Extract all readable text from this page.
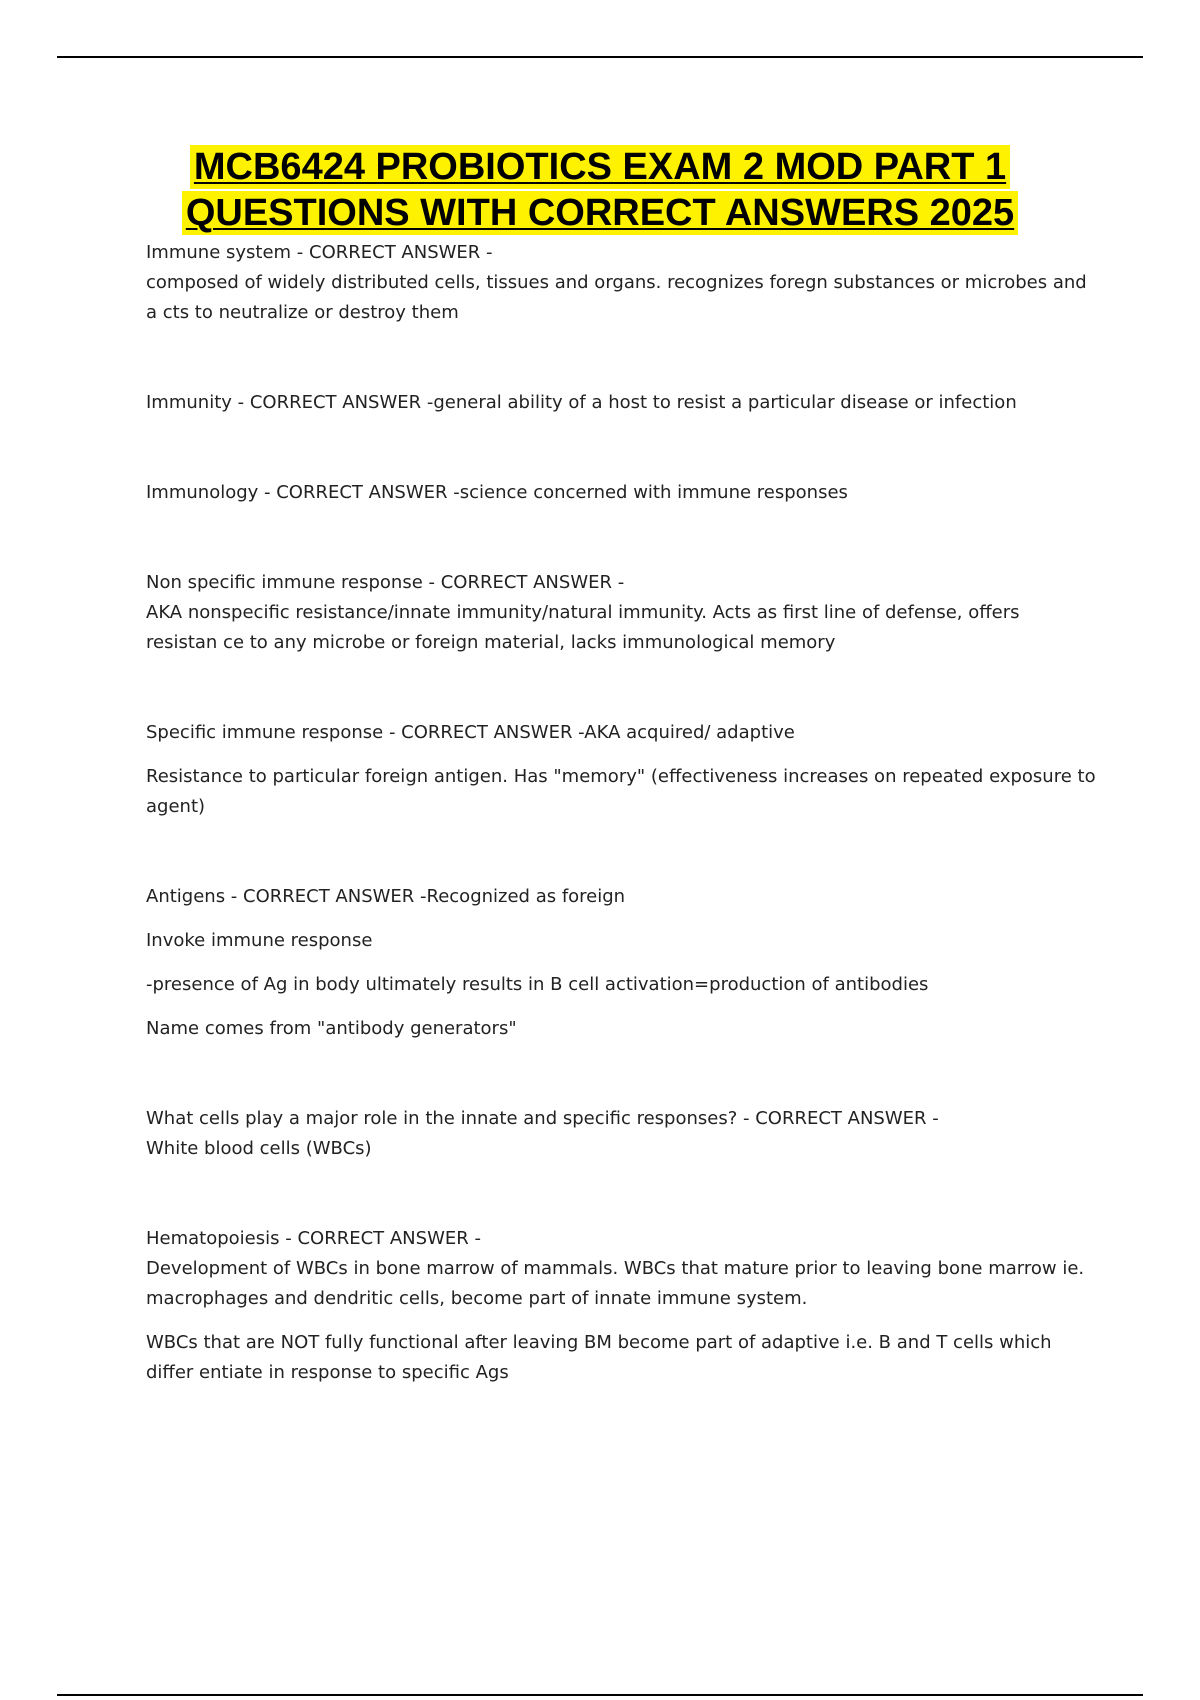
MCB6424 PROBIOTICS EXAM 2 MOD PART 1
QUESTIONS WITH CORRECT ANSWERS 2025

Immune system - CORRECT ANSWER -

composed of widely distributed cells, tissues and organs. recognizes foregn substances or microbes and a cts to neutralize or destroy them

Immunity - CORRECT ANSWER -general ability of a host to resist a particular disease or infection

Immunology - CORRECT ANSWER -science concerned with immune responses

Non specific immune response - CORRECT ANSWER -

AKA nonspecific resistance/innate immunity/natural immunity. Acts as first line of defense, offers resistan ce to any microbe or foreign material, lacks immunological memory

Specific immune response - CORRECT ANSWER -AKA acquired/ adaptive

Resistance to particular foreign antigen. Has "memory" (effectiveness increases on repeated exposure to agent)

Antigens - CORRECT ANSWER -Recognized as foreign

Invoke immune response

-presence of Ag in body ultimately results in B cell activation=production of antibodies

Name comes from "antibody generators"

What cells play a major role in the innate and specific responses? - CORRECT ANSWER -

White blood cells (WBCs)

Hematopoiesis - CORRECT ANSWER -

Development of WBCs in bone marrow of mammals. WBCs that mature prior to leaving bone marrow ie. macrophages and dendritic cells, become part of innate immune system.

WBCs that are NOT fully functional after leaving BM become part of adaptive i.e. B and T cells which differ entiate in response to specific Ags
